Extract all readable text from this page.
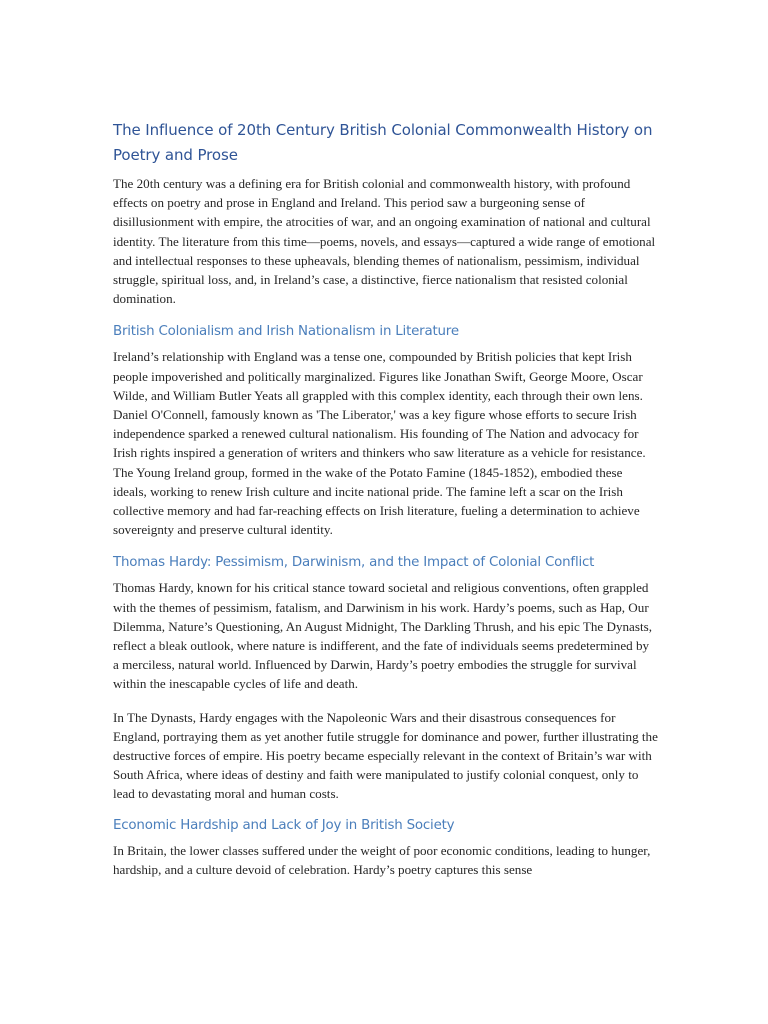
The Influence of 20th Century British Colonial Commonwealth History on Poetry and Prose

The 20th century was a defining era for British colonial and commonwealth history, with profound effects on poetry and prose in England and Ireland. This period saw a burgeoning sense of disillusionment with empire, the atrocities of war, and an ongoing examination of national and cultural identity. The literature from this time—poems, novels, and essays—captured a wide range of emotional and intellectual responses to these upheavals, blending themes of nationalism, pessimism, individual struggle, spiritual loss, and, in Ireland’s case, a distinctive, fierce nationalism that resisted colonial domination.

British Colonialism and Irish Nationalism in Literature

Ireland’s relationship with England was a tense one, compounded by British policies that kept Irish people impoverished and politically marginalized. Figures like Jonathan Swift, George Moore, Oscar Wilde, and William Butler Yeats all grappled with this complex identity, each through their own lens. Daniel O'Connell, famously known as 'The Liberator,' was a key figure whose efforts to secure Irish independence sparked a renewed cultural nationalism. His founding of The Nation and advocacy for Irish rights inspired a generation of writers and thinkers who saw literature as a vehicle for resistance. The Young Ireland group, formed in the wake of the Potato Famine (1845-1852), embodied these ideals, working to renew Irish culture and incite national pride. The famine left a scar on the Irish collective memory and had far-reaching effects on Irish literature, fueling a determination to achieve sovereignty and preserve cultural identity.

Thomas Hardy: Pessimism, Darwinism, and the Impact of Colonial Conflict

Thomas Hardy, known for his critical stance toward societal and religious conventions, often grappled with the themes of pessimism, fatalism, and Darwinism in his work. Hardy’s poems, such as Hap, Our Dilemma, Nature’s Questioning, An August Midnight, The Darkling Thrush, and his epic The Dynasts, reflect a bleak outlook, where nature is indifferent, and the fate of individuals seems predetermined by a merciless, natural world. Influenced by Darwin, Hardy’s poetry embodies the struggle for survival within the inescapable cycles of life and death.

In The Dynasts, Hardy engages with the Napoleonic Wars and their disastrous consequences for England, portraying them as yet another futile struggle for dominance and power, further illustrating the destructive forces of empire. His poetry became especially relevant in the context of Britain’s war with South Africa, where ideas of destiny and faith were manipulated to justify colonial conquest, only to lead to devastating moral and human costs.

Economic Hardship and Lack of Joy in British Society

In Britain, the lower classes suffered under the weight of poor economic conditions, leading to hunger, hardship, and a culture devoid of celebration. Hardy’s poetry captures this sense
